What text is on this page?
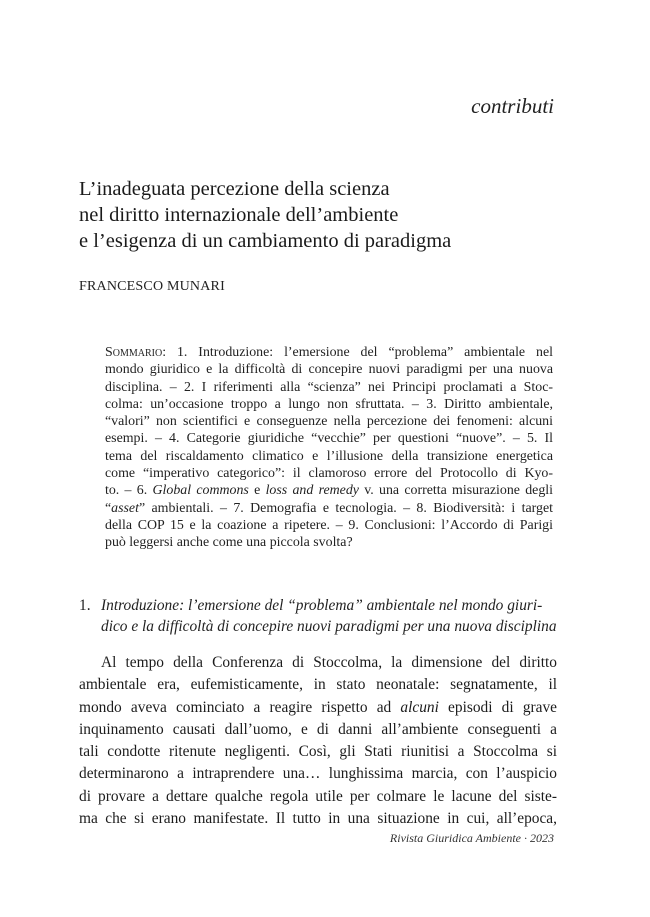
contributi
L’inadeguata percezione della scienza
nel diritto internazionale dell’ambiente
e l’esigenza di un cambiamento di paradigma
FRANCESCO MUNARI
Sommario: 1. Introduzione: l’emersione del “problema” ambientale nel
mondo giuridico e la difficoltà di concepire nuovi paradigmi per una nuova
disciplina. – 2. I riferimenti alla “scienza” nei Principi proclamati a Stoc-
colma: un’occasione troppo a lungo non sfruttata. – 3. Diritto ambientale,
“valori” non scientifici e conseguenze nella percezione dei fenomeni: alcuni
esempi. – 4. Categorie giuridiche “vecchie” per questioni “nuove”. – 5. Il
tema del riscaldamento climatico e l’illusione della transizione energetica
come “imperativo categorico”: il clamoroso errore del Protocollo di Kyo-
to. – 6. Global commons e loss and remedy v. una corretta misurazione degli
“asset” ambientali. – 7. Demografia e tecnologia. – 8. Biodiversità: i target
della COP 15 e la coazione a ripetere. – 9. Conclusioni: l’Accordo di Parigi
può leggersi anche come una piccola svolta?
1. Introduzione: l’emersione del “problema” ambientale nel mondo giuri-
dico e la difficoltà di concepire nuovi paradigmi per una nuova disciplina
Al tempo della Conferenza di Stoccolma, la dimensione del diritto
ambientale era, eufemisticamente, in stato neonatale: segnatamente, il
mondo aveva cominciato a reagire rispetto ad alcuni episodi di grave
inquinamento causati dall’uomo, e di danni all’ambiente conseguenti a
tali condotte ritenute negligenti. Così, gli Stati riunitisi a Stoccolma si
determinarono a intraprendere una… lunghissima marcia, con l’auspicio
di provare a dettare qualche regola utile per colmare le lacune del siste-
ma che si erano manifestate. Il tutto in una situazione in cui, all’epoca,
Rivista Giuridica Ambiente · 2023
